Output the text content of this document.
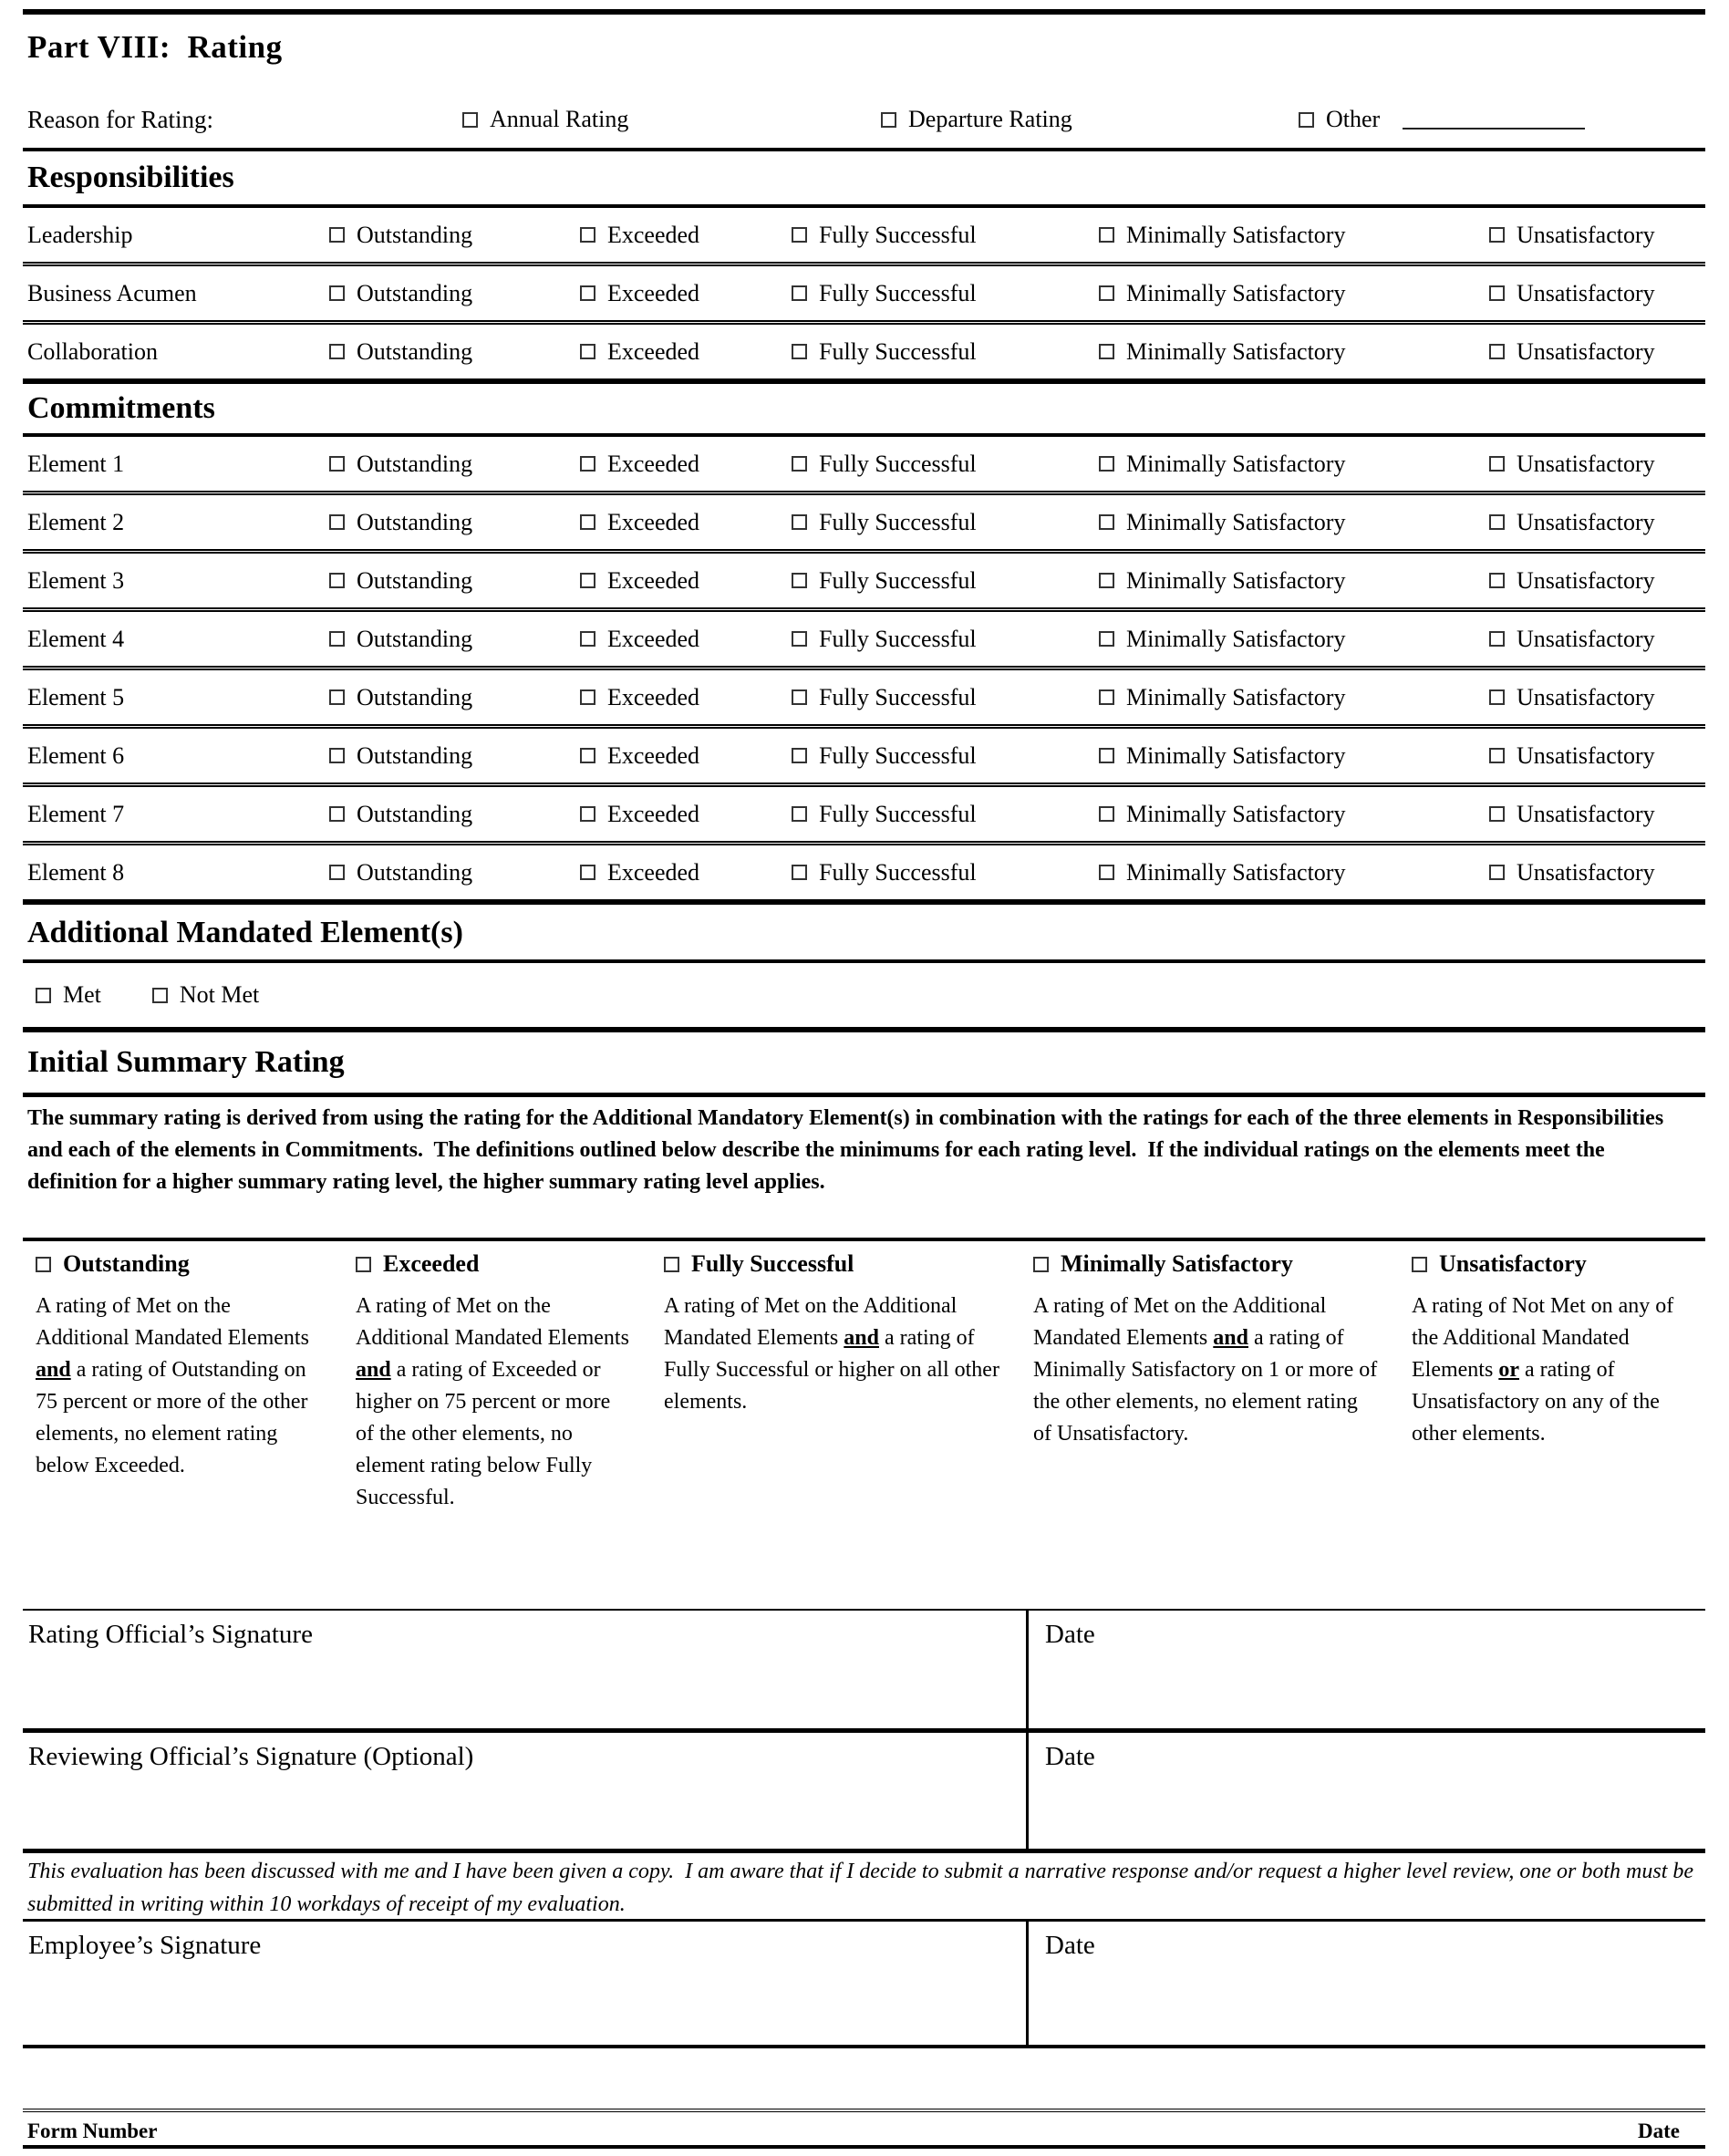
Part VIII:  Rating
Reason for Rating:	Annual Rating	Departure Rating	Other
Responsibilities
Leadership	Outstanding	Exceeded	Fully Successful	Minimally Satisfactory	Unsatisfactory
Business Acumen	Outstanding	Exceeded	Fully Successful	Minimally Satisfactory	Unsatisfactory
Collaboration	Outstanding	Exceeded	Fully Successful	Minimally Satisfactory	Unsatisfactory
Commitments
Element 1	Outstanding	Exceeded	Fully Successful	Minimally Satisfactory	Unsatisfactory
Element 2	Outstanding	Exceeded	Fully Successful	Minimally Satisfactory	Unsatisfactory
Element 3	Outstanding	Exceeded	Fully Successful	Minimally Satisfactory	Unsatisfactory
Element 4	Outstanding	Exceeded	Fully Successful	Minimally Satisfactory	Unsatisfactory
Element 5	Outstanding	Exceeded	Fully Successful	Minimally Satisfactory	Unsatisfactory
Element 6	Outstanding	Exceeded	Fully Successful	Minimally Satisfactory	Unsatisfactory
Element 7	Outstanding	Exceeded	Fully Successful	Minimally Satisfactory	Unsatisfactory
Element 8	Outstanding	Exceeded	Fully Successful	Minimally Satisfactory	Unsatisfactory
Additional Mandated Element(s)
Met	Not Met
Initial Summary Rating
The summary rating is derived from using the rating for the Additional Mandatory Element(s) in combination with the ratings for each of the three elements in Responsibilities and each of the elements in Commitments.  The definitions outlined below describe the minimums for each rating level.  If the individual ratings on the elements meet the definition for a higher summary rating level, the higher summary rating level applies.
Outstanding

A rating of Met on the Additional Mandated Elements and a rating of Outstanding on 75 percent or more of the other elements, no element rating below Exceeded.

Exceeded

A rating of Met on the Additional Mandated Elements and a rating of Exceeded or higher on 75 percent or more of the other elements, no element rating below Fully Successful.

Fully Successful

A rating of Met on the Additional Mandated Elements and a rating of Fully Successful or higher on all other elements.

Minimally Satisfactory

A rating of Met on the Additional Mandated Elements and a rating of Minimally Satisfactory on 1 or more of the other elements, no element rating of Unsatisfactory.

Unsatisfactory

A rating of Not Met on any of the Additional Mandated Elements or a rating of Unsatisfactory on any of the other elements.

Rating Official’s Signature	Date
Reviewing Official’s Signature (Optional)	Date
This evaluation has been discussed with me and I have been given a copy.  I am aware that if I decide to submit a narrative response and/or request a higher level review, one or both must be submitted in writing within 10 workdays of receipt of my evaluation.
Employee’s Signature	Date
Form Number	Date
